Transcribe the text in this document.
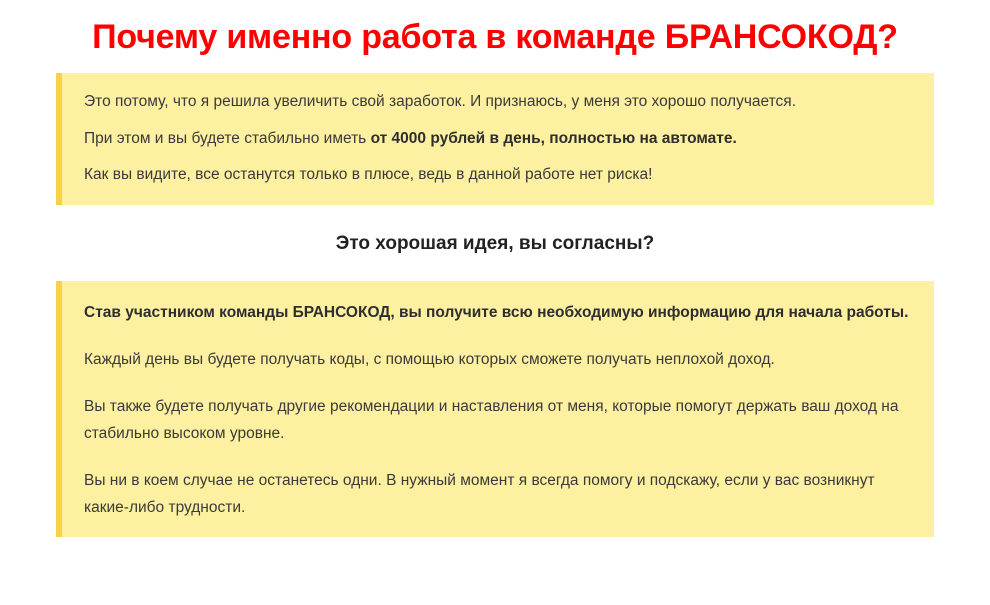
Почему именно работа в команде БРАНСОКОД?

Это потому, что я решила увеличить свой заработок. И признаюсь, у меня это хорошо получается.

При этом и вы будете стабильно иметь от 4000 рублей в день, полностью на автомате.

Как вы видите, все останутся только в плюсе, ведь в данной работе нет риска!

Это хорошая идея, вы согласны?

Став участником команды БРАНСОКОД, вы получите всю необходимую информацию для начала работы.

Каждый день вы будете получать коды, с помощью которых сможете получать неплохой доход.

Вы также будете получать другие рекомендации и наставления от меня, которые помогут держать ваш доход на стабильно высоком уровне.

Вы ни в коем случае не останетесь одни. В нужный момент я всегда помогу и подскажу, если у вас возникнут какие-либо трудности.
